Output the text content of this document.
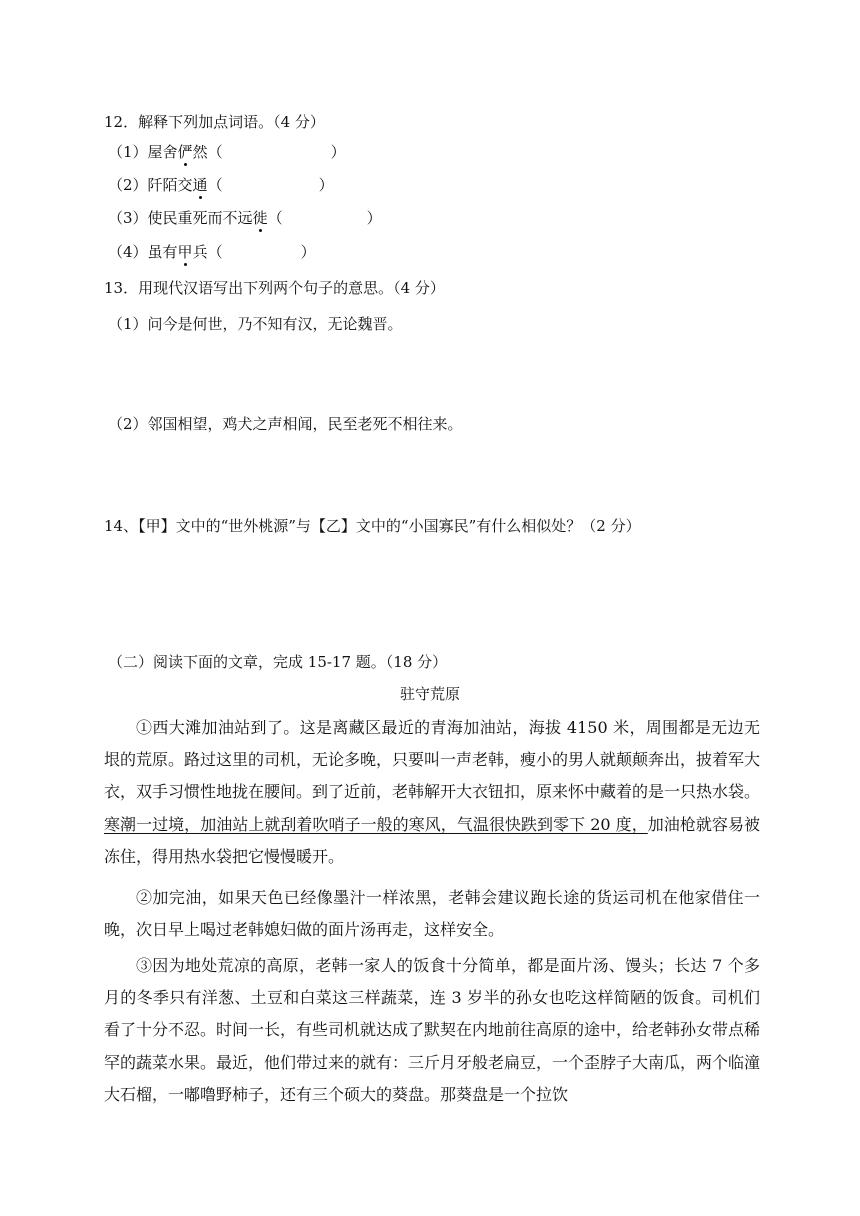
12．解释下列加点词语。（4 分）
（1）屋舍俨然（	）
（2）阡陌交通（	）
（3）使民重死而不远徙（	）
（4）虽有甲兵（	）
13．用现代汉语写出下列两个句子的意思。（4 分）
（1）问今是何世，乃不知有汉，无论魏晋。
（2）邻国相望，鸡犬之声相闻，民至老死不相往来。
14、【甲】文中的“世外桃源”与【乙】文中的“小国寡民”有什么相似处？（2 分）
（二）阅读下面的文章，完成 15-17 题。（18 分）
驻守荒原
①西大滩加油站到了。这是离藏区最近的青海加油站，海拔 4150 米，周围都是无边无垠的荒原。路过这里的司机，无论多晚，只要叫一声老韩，瘦小的男人就颠颠奔出，披着军大衣，双手习惯性地拢在腰间。到了近前，老韩解开大衣钮扣，原来怀中藏着的是一只热水袋。寒潮一过境，加油站上就刮着吹哨子一般的寒风，气温很快跌到零下 20 度，加油枪就容易被冻住，得用热水袋把它慢慢暖开。
②加完油，如果天色已经像墨汁一样浓黑，老韩会建议跑长途的货运司机在他家借住一晚，次日早上喝过老韩媳妇做的面片汤再走，这样安全。
③因为地处荒凉的高原，老韩一家人的饭食十分简单，都是面片汤、馒头；长达 7 个多月的冬季只有洋葱、土豆和白菜这三样蔬菜，连 3 岁半的孙女也吃这样简陋的饭食。司机们看了十分不忍。时间一长，有些司机就达成了默契在内地前往高原的途中，给老韩孙女带点稀罕的蔬菜水果。最近，他们带过来的就有：三斤月牙般老扁豆，一个歪脖子大南瓜，两个临潼大石榴，一嘟噜野柿子，还有三个硕大的葵盘。那葵盘是一个拉饮
